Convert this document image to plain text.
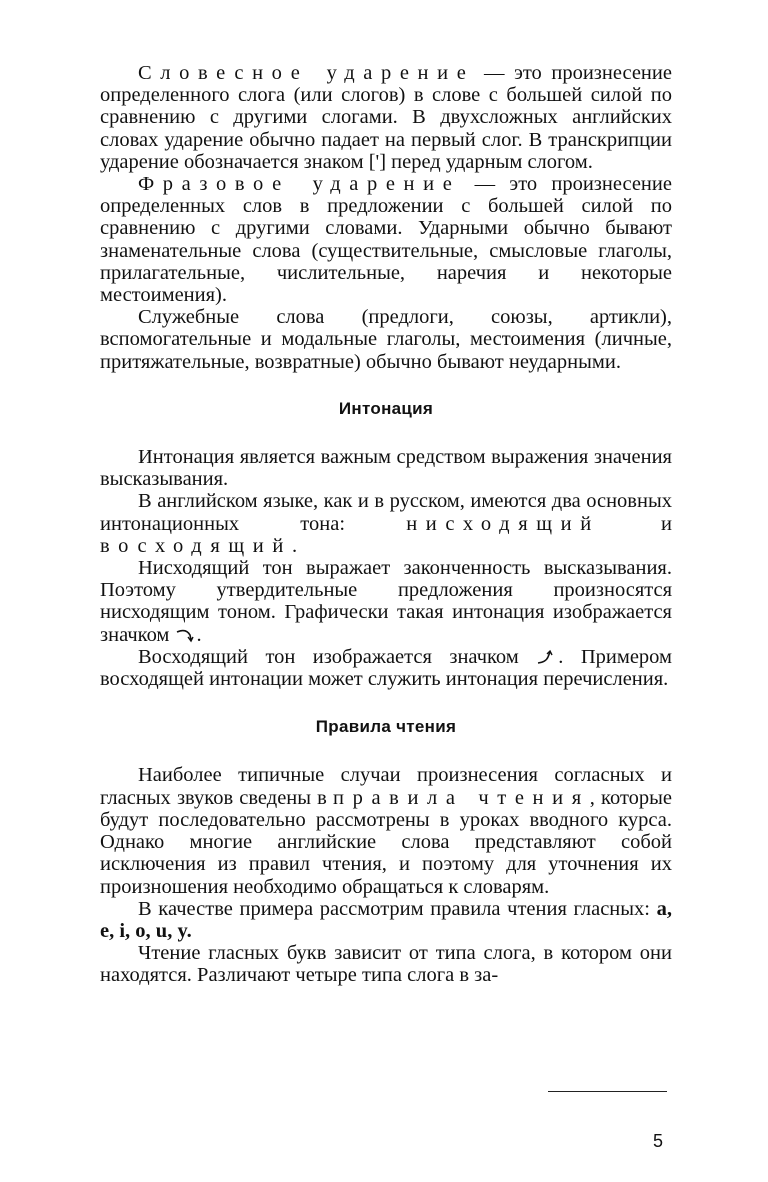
Словесное ударение — это произнесение определенного слога (или слогов) в слове с большей силой по сравнению с другими слогами. В двухсложных английских словах ударение обычно падает на первый слог. В транскрипции ударение обозначается знаком ['] перед ударным слогом.

Фразовое ударение — это произнесение определенных слов в предложении с большей силой по сравнению с другими словами. Ударными обычно бывают знаменательные слова (существительные, смысловые глаголы, прилагательные, числительные, наречия и некоторые местоимения).

Служебные слова (предлоги, союзы, артикли), вспомогательные и модальные глаголы, местоимения (личные, притяжательные, возвратные) обычно бывают неударными.

Интонация

Интонация является важным средством выражения значения высказывания.

В английском языке, как и в русском, имеются два основных интонационных тона: нисходящий и восходящий.

Нисходящий тон выражает законченность высказывания. Поэтому утвердительные предложения произносятся нисходящим тоном. Графически такая интонация изображается значком .

Восходящий тон изображается значком . Примером восходящей интонации может служить интонация перечисления.

Правила чтения

Наиболее типичные случаи произнесения согласных и гласных звуков сведены в правила чтения, которые будут последовательно рассмотрены в уроках вводного курса. Однако многие английские слова представляют собой исключения из правил чтения, и поэтому для уточнения их произношения необходимо обращаться к словарям.

В качестве примера рассмотрим правила чтения гласных: a, e, i, o, u, y.

Чтение гласных букв зависит от типа слога, в котором они находятся. Различают четыре типа слога в за-

5
